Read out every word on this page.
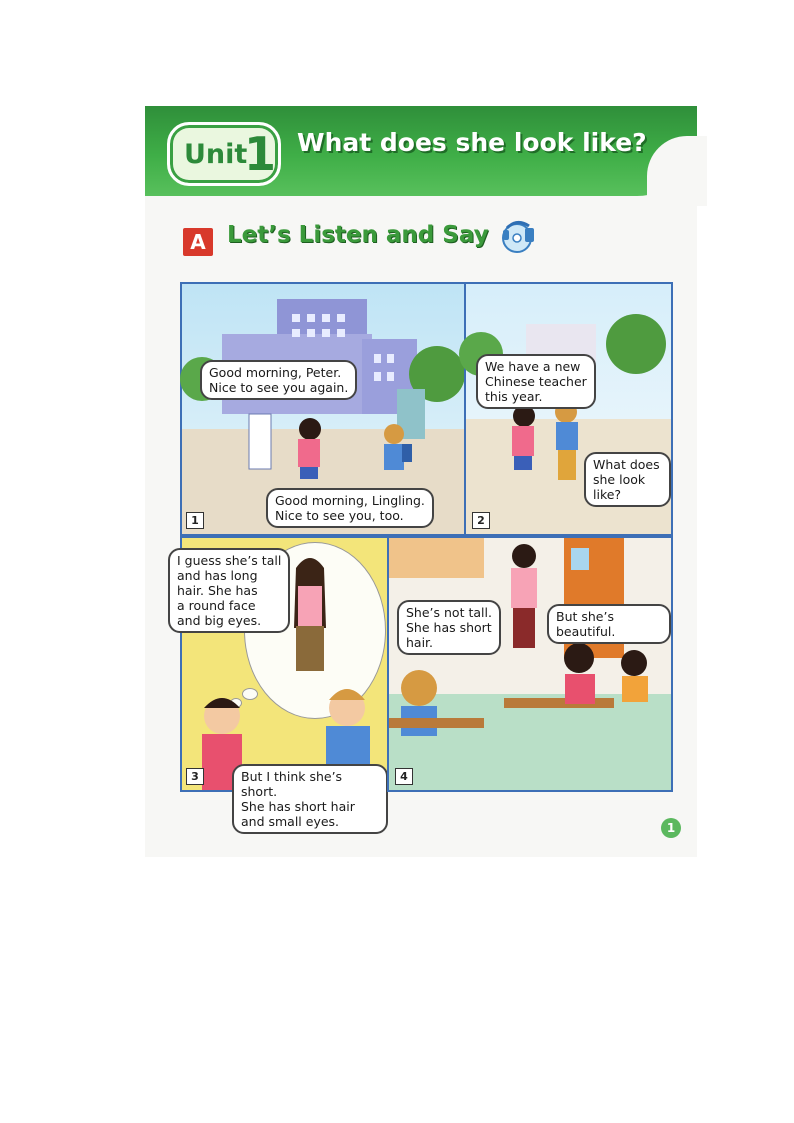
Unit
1 What does she look like?
A Let’s Listen and Say
Good morning, Peter.
Nice to see you again.
Good morning, Lingling.
Nice to see you, too.
1
We have a new
Chinese teacher
this year.
What does
she look like?
2
I guess she’s tall
and has long
hair. She has
a round face
and big eyes.
But I think she’s short.
She has short hair
and small eyes.
3
She’s not tall.
She has short
hair.
But she’s beautiful.
4
1
